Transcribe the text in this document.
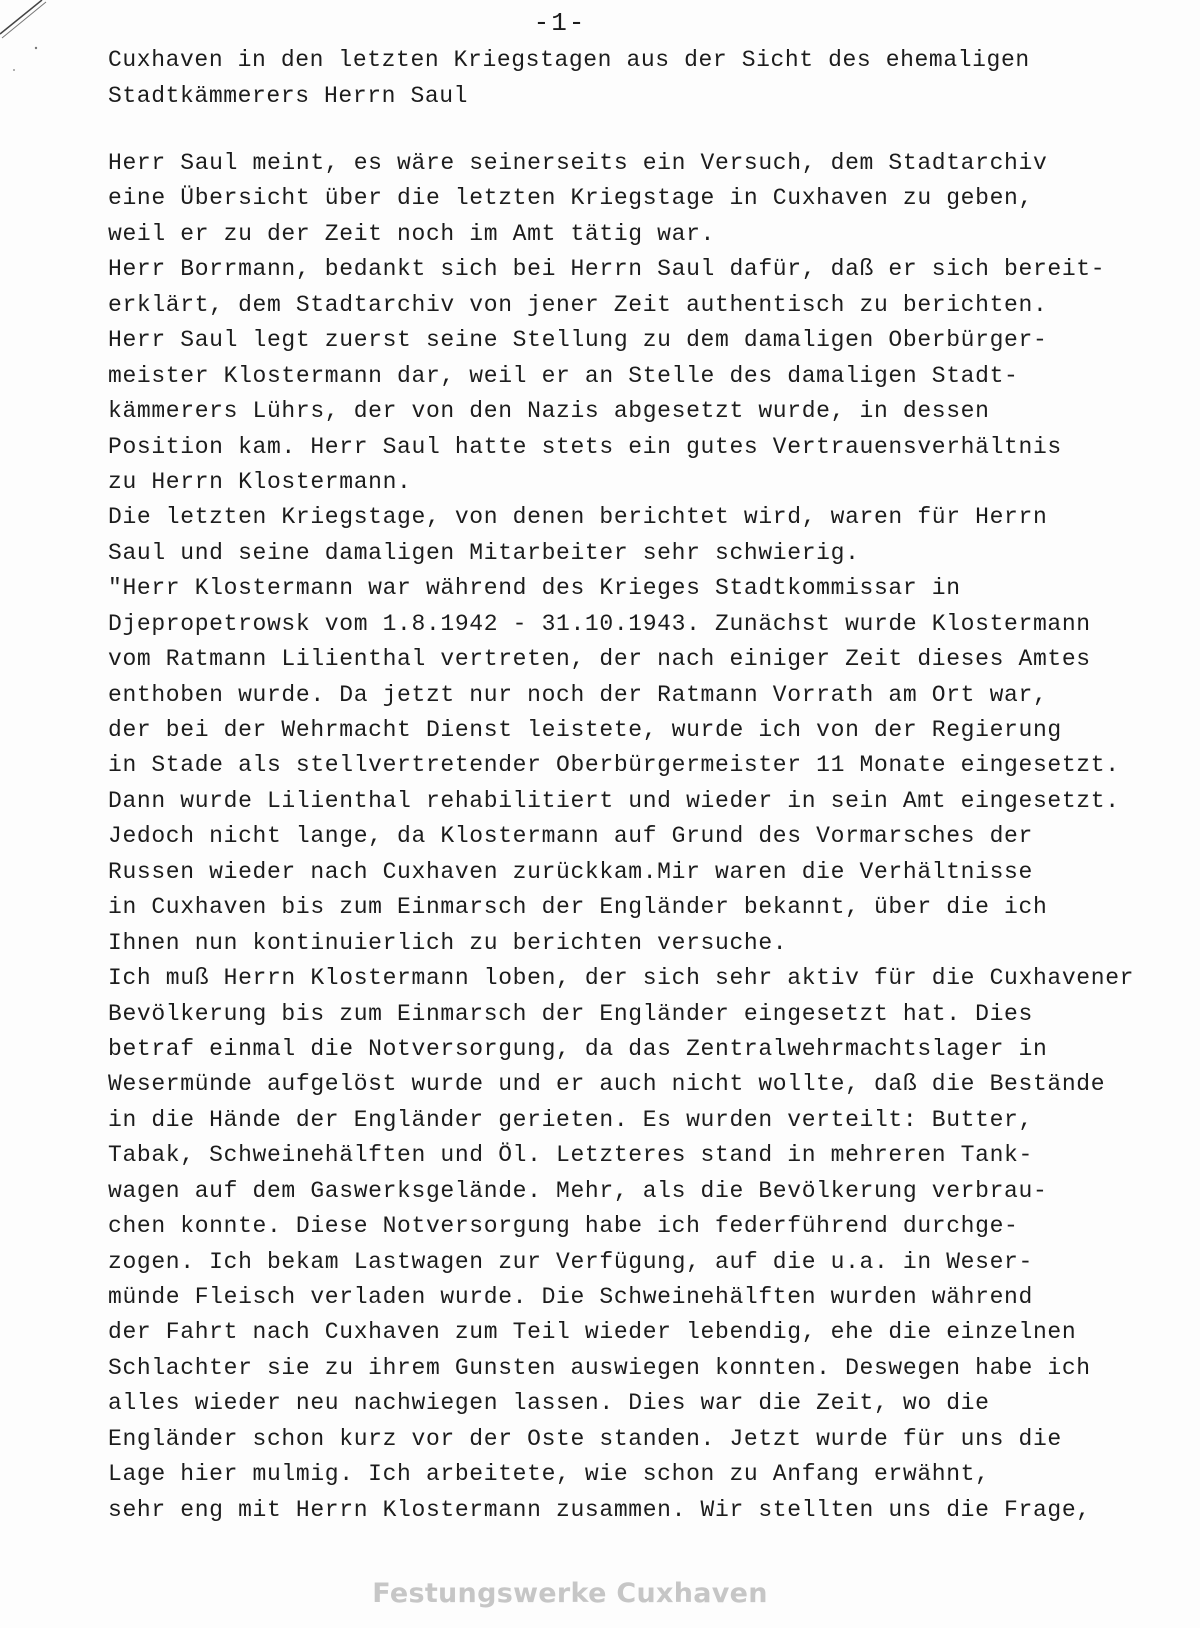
-1-
Cuxhaven in den letzten Kriegstagen aus der Sicht des ehemaligen
Stadtkämmerers Herrn Saul
Herr Saul meint, es wäre seinerseits ein Versuch, dem Stadtarchiv
eine Übersicht über die letzten Kriegstage in Cuxhaven zu geben,
weil er zu der Zeit noch im Amt tätig war.
Herr Borrmann, bedankt sich bei Herrn Saul dafür, daß er sich bereit-
erklärt, dem Stadtarchiv von jener Zeit authentisch zu berichten.
Herr Saul legt zuerst seine Stellung zu dem damaligen Oberbürger-
meister Klostermann dar, weil er an Stelle des damaligen Stadt-
kämmerers Lührs, der von den Nazis abgesetzt wurde, in dessen
Position kam. Herr Saul hatte stets ein gutes Vertrauensverhältnis
zu Herrn Klostermann.
Die letzten Kriegstage, von denen berichtet wird, waren für Herrn
Saul und seine damaligen Mitarbeiter sehr schwierig.
"Herr Klostermann war während des Krieges Stadtkommissar in
Djepropetrowsk vom 1.8.1942 - 31.10.1943. Zunächst wurde Klostermann
vom Ratmann Lilienthal vertreten, der nach einiger Zeit dieses Amtes
enthoben wurde. Da jetzt nur noch der Ratmann Vorrath am Ort war,
der bei der Wehrmacht Dienst leistete, wurde ich von der Regierung
in Stade als stellvertretender Oberbürgermeister 11 Monate eingesetzt.
Dann wurde Lilienthal rehabilitiert und wieder in sein Amt eingesetzt.
Jedoch nicht lange, da Klostermann auf Grund des Vormarsches der
Russen wieder nach Cuxhaven zurückkam.Mir waren die Verhältnisse
in Cuxhaven bis zum Einmarsch der Engländer bekannt, über die ich
Ihnen nun kontinuierlich zu berichten versuche.
Ich muß Herrn Klostermann loben, der sich sehr aktiv für die Cuxhavener
Bevölkerung bis zum Einmarsch der Engländer eingesetzt hat. Dies
betraf einmal die Notversorgung, da das Zentralwehrmachtslager in
Wesermünde aufgelöst wurde und er auch nicht wollte, daß die Bestände
in die Hände der Engländer gerieten. Es wurden verteilt: Butter,
Tabak, Schweinehälften und Öl. Letzteres stand in mehreren Tank-
wagen auf dem Gaswerksgelände. Mehr, als die Bevölkerung verbrau-
chen konnte. Diese Notversorgung habe ich federführend durchge-
zogen. Ich bekam Lastwagen zur Verfügung, auf die u.a. in Weser-
münde Fleisch verladen wurde. Die Schweinehälften wurden während
der Fahrt nach Cuxhaven zum Teil wieder lebendig, ehe die einzelnen
Schlachter sie zu ihrem Gunsten auswiegen konnten. Deswegen habe ich
alles wieder neu nachwiegen lassen. Dies war die Zeit, wo die
Engländer schon kurz vor der Oste standen. Jetzt wurde für uns die
Lage hier mulmig. Ich arbeitete, wie schon zu Anfang erwähnt,
sehr eng mit Herrn Klostermann zusammen. Wir stellten uns die Frage,
Festungswerke Cuxhaven
